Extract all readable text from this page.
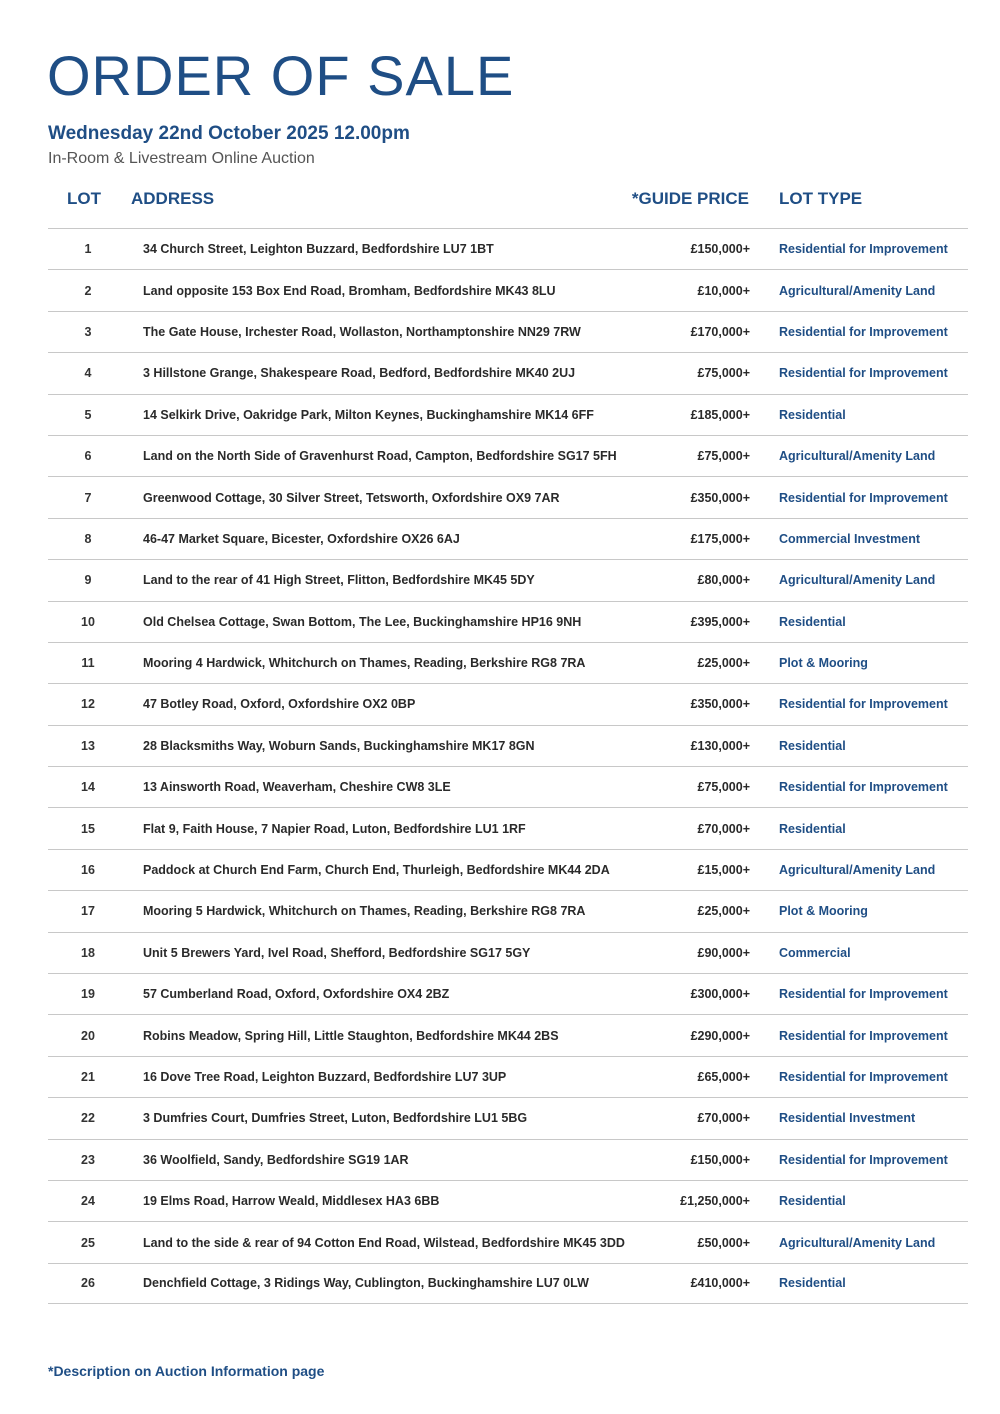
ORDER OF SALE
Wednesday 22nd October 2025 12.00pm
In-Room & Livestream Online Auction
LOT ADDRESS	*GUIDE PRICE LOT TYPE
1	34 Church Street, Leighton Buzzard, Bedfordshire LU7 1BT	£150,000+ Residential for Improvement
2	Land opposite 153 Box End Road, Bromham, Bedfordshire MK43 8LU	£10,000+ Agricultural/Amenity Land
3	The Gate House, Irchester Road, Wollaston, Northamptonshire NN29 7RW	£170,000+ Residential for Improvement
4	3 Hillstone Grange, Shakespeare Road, Bedford, Bedfordshire MK40 2UJ	£75,000+ Residential for Improvement
5	14 Selkirk Drive, Oakridge Park, Milton Keynes, Buckinghamshire MK14 6FF	£185,000+ Residential
6	Land on the North Side of Gravenhurst Road, Campton, Bedfordshire SG17 5FH	£75,000+ Agricultural/Amenity Land
7	Greenwood Cottage, 30 Silver Street, Tetsworth, Oxfordshire OX9 7AR	£350,000+ Residential for Improvement
8	46-47 Market Square, Bicester, Oxfordshire OX26 6AJ	£175,000+ Commercial Investment
9	Land to the rear of 41 High Street, Flitton, Bedfordshire MK45 5DY	£80,000+ Agricultural/Amenity Land
10	Old Chelsea Cottage, Swan Bottom, The Lee, Buckinghamshire HP16 9NH	£395,000+ Residential
11	Mooring 4 Hardwick, Whitchurch on Thames, Reading, Berkshire RG8 7RA	£25,000+ Plot & Mooring
12	47 Botley Road, Oxford, Oxfordshire OX2 0BP	£350,000+ Residential for Improvement
13	28 Blacksmiths Way, Woburn Sands, Buckinghamshire MK17 8GN	£130,000+ Residential
14	13 Ainsworth Road, Weaverham, Cheshire CW8 3LE	£75,000+ Residential for Improvement
15	Flat 9, Faith House, 7 Napier Road, Luton, Bedfordshire LU1 1RF	£70,000+ Residential
16	Paddock at Church End Farm, Church End, Thurleigh, Bedfordshire MK44 2DA	£15,000+ Agricultural/Amenity Land
17	Mooring 5 Hardwick, Whitchurch on Thames, Reading, Berkshire RG8 7RA	£25,000+ Plot & Mooring
18	Unit 5 Brewers Yard, Ivel Road, Shefford, Bedfordshire SG17 5GY	£90,000+ Commercial
19	57 Cumberland Road, Oxford, Oxfordshire OX4 2BZ	£300,000+ Residential for Improvement
20	Robins Meadow, Spring Hill, Little Staughton, Bedfordshire MK44 2BS	£290,000+ Residential for Improvement
21	16 Dove Tree Road, Leighton Buzzard, Bedfordshire LU7 3UP	£65,000+ Residential for Improvement
22	3 Dumfries Court, Dumfries Street, Luton, Bedfordshire LU1 5BG	£70,000+ Residential Investment
23	36 Woolfield, Sandy, Bedfordshire SG19 1AR	£150,000+ Residential for Improvement
24	19 Elms Road, Harrow Weald, Middlesex HA3 6BB	£1,250,000+ Residential
25	Land to the side & rear of 94 Cotton End Road, Wilstead, Bedfordshire MK45 3DD	£50,000+ Agricultural/Amenity Land
26	Denchfield Cottage, 3 Ridings Way, Cublington, Buckinghamshire LU7 0LW	£410,000+ Residential
*Description on Auction Information page
